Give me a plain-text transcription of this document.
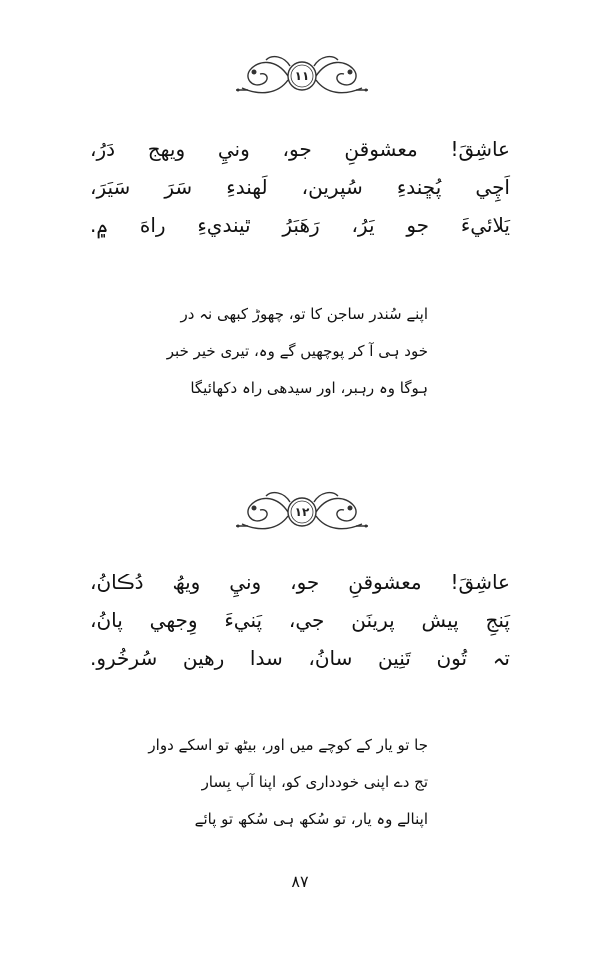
١١
عاشِقَ! معشوقنِ جو، ونيِ ويھج دَرُ،
اَچِي پُڇندءِ سُپرين، لَهندءِ سَرَ سَيَرَ،
يَلائيءَ جو يَرُ، رَهَبَرُ ٿينديءِ راهَ ۾.
اپنے سُندر ساجن کا تو، چھوڑ کبھی نہ در
خود ہی آ کر پوچھیں گے وہ، تیری خیر خبر
ہوگا وہ رہبر، اور سیدھی راہ دکھائیگا
١٢
عاشِقَ! معشوقنِ جو، ونيِ ويھُ دُڪانُ،
پَنجِ پيش پرينَن جي، پَنيءَ وِجهي پانُ،
تہ تُون تَنِين سانُ، سدا رهين سُرخُرو.
جا تو یار کے کوچے میں اور، بیٹھ تو اسکے دوار
تج دے اپنی خودداری کو، اپنا آپ بِسار
اپنالے وہ یار، تو سُکھ ہی سُکھ تو پائے
٨٧
